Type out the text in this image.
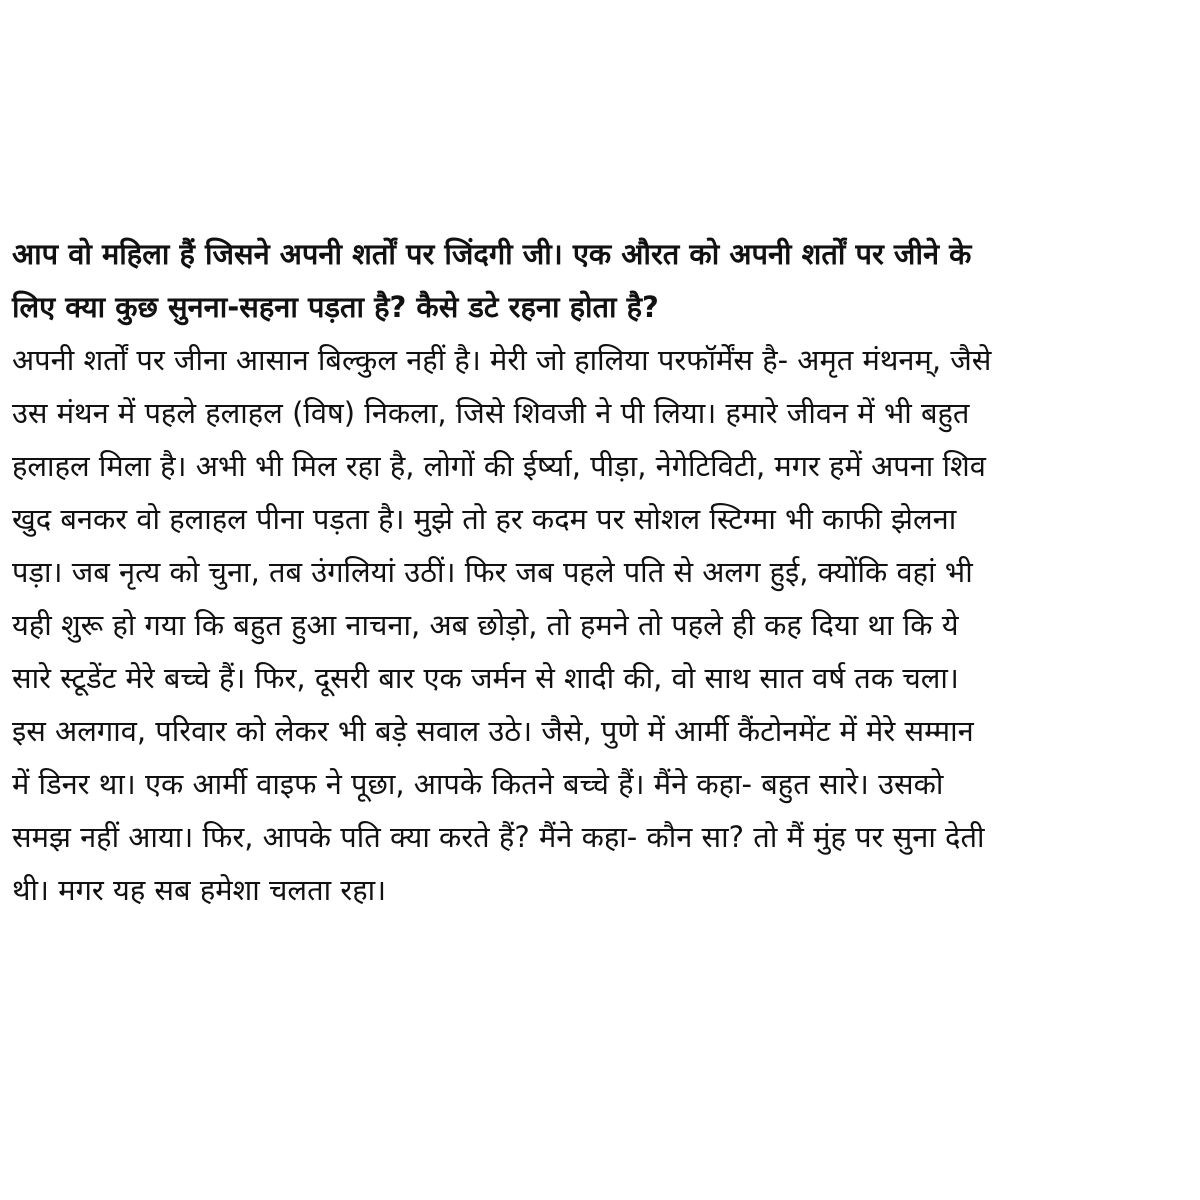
आप वो महिला हैं जिसने अपनी शर्तों पर जिंदगी जी। एक औरत को अपनी शर्तों पर जीने के
लिए क्या कुछ सुनना-सहना पड़ता है? कैसे डटे रहना होता है?

अपनी शर्तों पर जीना आसान बिल्कुल नहीं है। मेरी जो हालिया परफॉर्मेंस है- अमृत मंथनम्, जैसे
उस मंथन में पहले हलाहल (विष) निकला, जिसे शिवजी ने पी लिया। हमारे जीवन में भी बहुत
हलाहल मिला है। अभी भी मिल रहा है, लोगों की ईर्ष्या, पीड़ा, नेगेटिविटी, मगर हमें अपना शिव
खुद बनकर वो हलाहल पीना पड़ता है। मुझे तो हर कदम पर सोशल स्टिग्मा भी काफी झेलना
पड़ा। जब नृत्य को चुना, तब उंगलियां उठीं। फिर जब पहले पति से अलग हुई, क्योंकि वहां भी
यही शुरू हो गया कि बहुत हुआ नाचना, अब छोड़ो, तो हमने तो पहले ही कह दिया था कि ये
सारे स्टूडेंट मेरे बच्चे हैं। फिर, दूसरी बार एक जर्मन से शादी की, वो साथ सात वर्ष तक चला।
इस अलगाव, परिवार को लेकर भी बड़े सवाल उठे। जैसे, पुणे में आर्मी कैंटोनमेंट में मेरे सम्मान
में डिनर था। एक आर्मी वाइफ ने पूछा, आपके कितने बच्चे हैं। मैंने कहा- बहुत सारे। उसको
समझ नहीं आया। फिर, आपके पति क्या करते हैं? मैंने कहा- कौन सा? तो मैं मुंह पर सुना देती
थी। मगर यह सब हमेशा चलता रहा।
